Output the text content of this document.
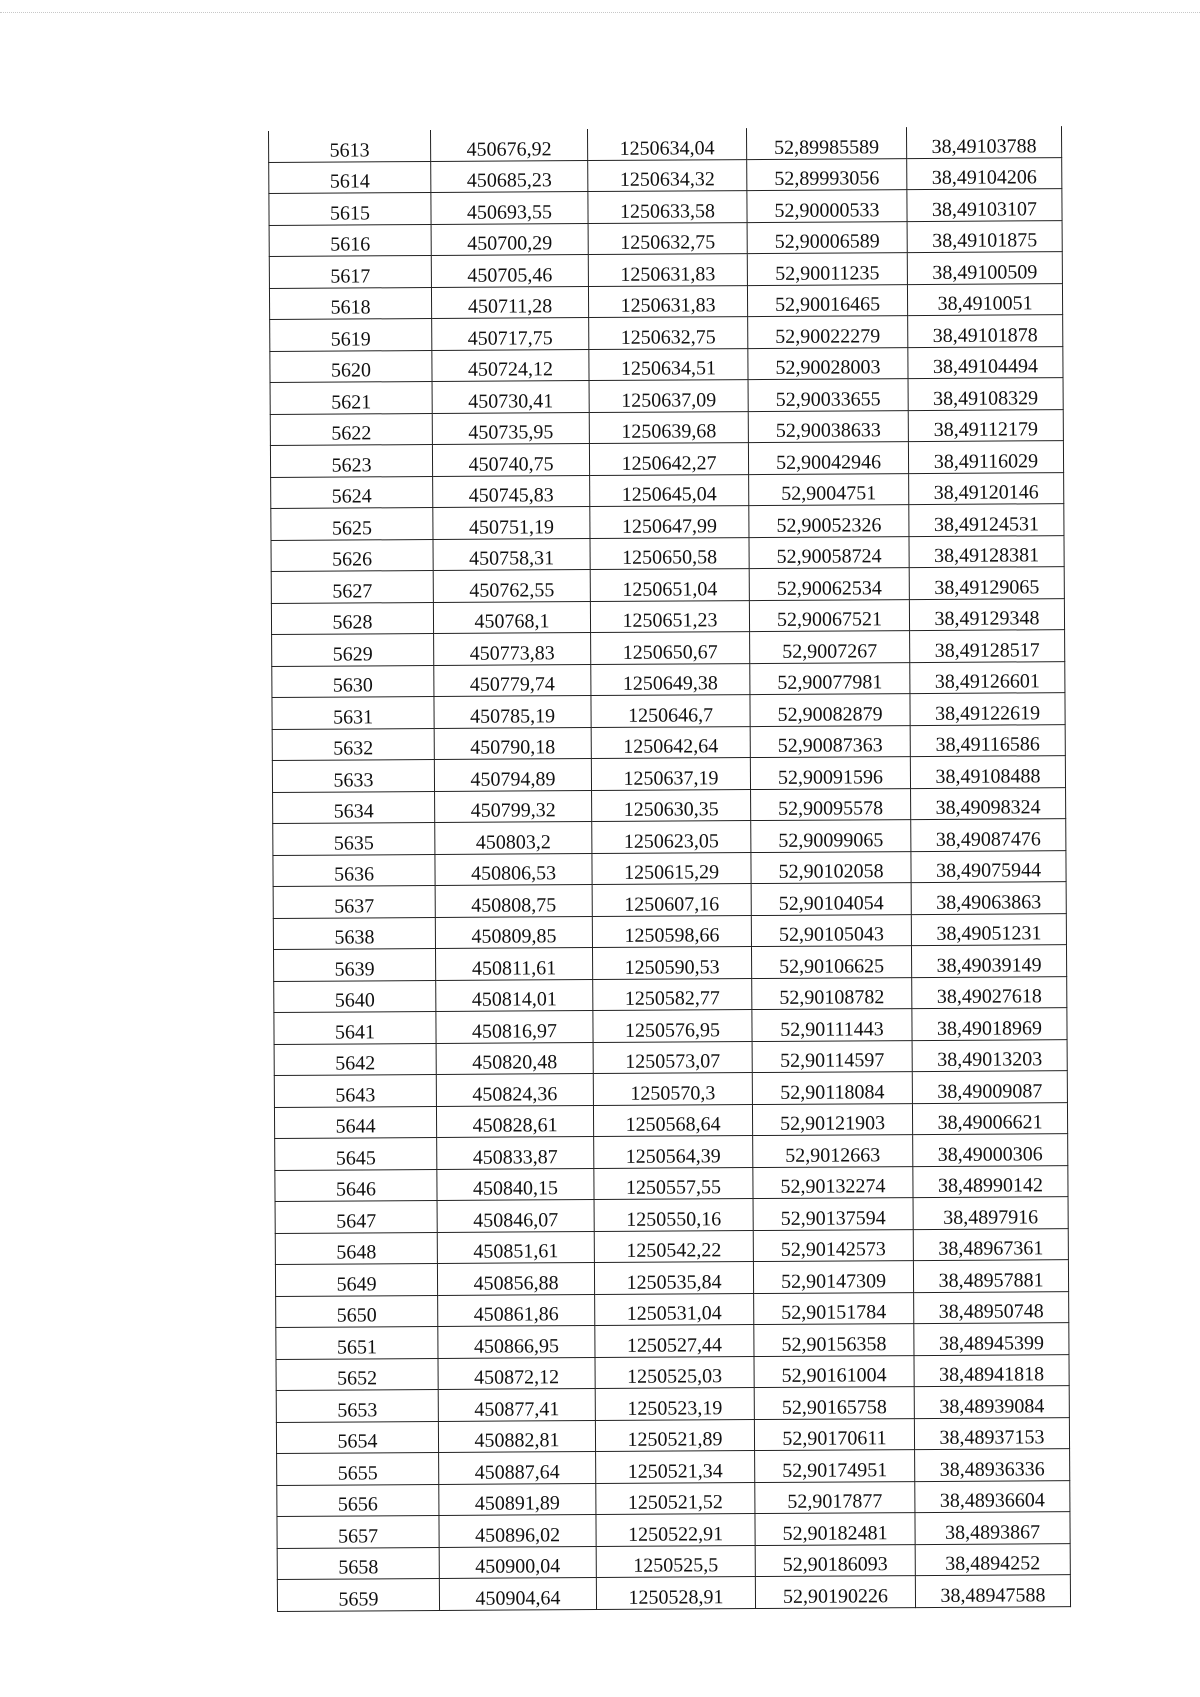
5613	450676,92	1250634,04	52,89985589	38,49103788
5614	450685,23	1250634,32	52,89993056	38,49104206
5615	450693,55	1250633,58	52,90000533	38,49103107
5616	450700,29	1250632,75	52,90006589	38,49101875
5617	450705,46	1250631,83	52,90011235	38,49100509
5618	450711,28	1250631,83	52,90016465	38,4910051
5619	450717,75	1250632,75	52,90022279	38,49101878
5620	450724,12	1250634,51	52,90028003	38,49104494
5621	450730,41	1250637,09	52,90033655	38,49108329
5622	450735,95	1250639,68	52,90038633	38,49112179
5623	450740,75	1250642,27	52,90042946	38,49116029
5624	450745,83	1250645,04	52,9004751	38,49120146
5625	450751,19	1250647,99	52,90052326	38,49124531
5626	450758,31	1250650,58	52,90058724	38,49128381
5627	450762,55	1250651,04	52,90062534	38,49129065
5628	450768,1	1250651,23	52,90067521	38,49129348
5629	450773,83	1250650,67	52,9007267	38,49128517
5630	450779,74	1250649,38	52,90077981	38,49126601
5631	450785,19	1250646,7	52,90082879	38,49122619
5632	450790,18	1250642,64	52,90087363	38,49116586
5633	450794,89	1250637,19	52,90091596	38,49108488
5634	450799,32	1250630,35	52,90095578	38,49098324
5635	450803,2	1250623,05	52,90099065	38,49087476
5636	450806,53	1250615,29	52,90102058	38,49075944
5637	450808,75	1250607,16	52,90104054	38,49063863
5638	450809,85	1250598,66	52,90105043	38,49051231
5639	450811,61	1250590,53	52,90106625	38,49039149
5640	450814,01	1250582,77	52,90108782	38,49027618
5641	450816,97	1250576,95	52,90111443	38,49018969
5642	450820,48	1250573,07	52,90114597	38,49013203
5643	450824,36	1250570,3	52,90118084	38,49009087
5644	450828,61	1250568,64	52,90121903	38,49006621
5645	450833,87	1250564,39	52,9012663	38,49000306
5646	450840,15	1250557,55	52,90132274	38,48990142
5647	450846,07	1250550,16	52,90137594	38,4897916
5648	450851,61	1250542,22	52,90142573	38,48967361
5649	450856,88	1250535,84	52,90147309	38,48957881
5650	450861,86	1250531,04	52,90151784	38,48950748
5651	450866,95	1250527,44	52,90156358	38,48945399
5652	450872,12	1250525,03	52,90161004	38,48941818
5653	450877,41	1250523,19	52,90165758	38,48939084
5654	450882,81	1250521,89	52,90170611	38,48937153
5655	450887,64	1250521,34	52,90174951	38,48936336
5656	450891,89	1250521,52	52,9017877	38,48936604
5657	450896,02	1250522,91	52,90182481	38,4893867
5658	450900,04	1250525,5	52,90186093	38,4894252
5659	450904,64	1250528,91	52,90190226	38,48947588
